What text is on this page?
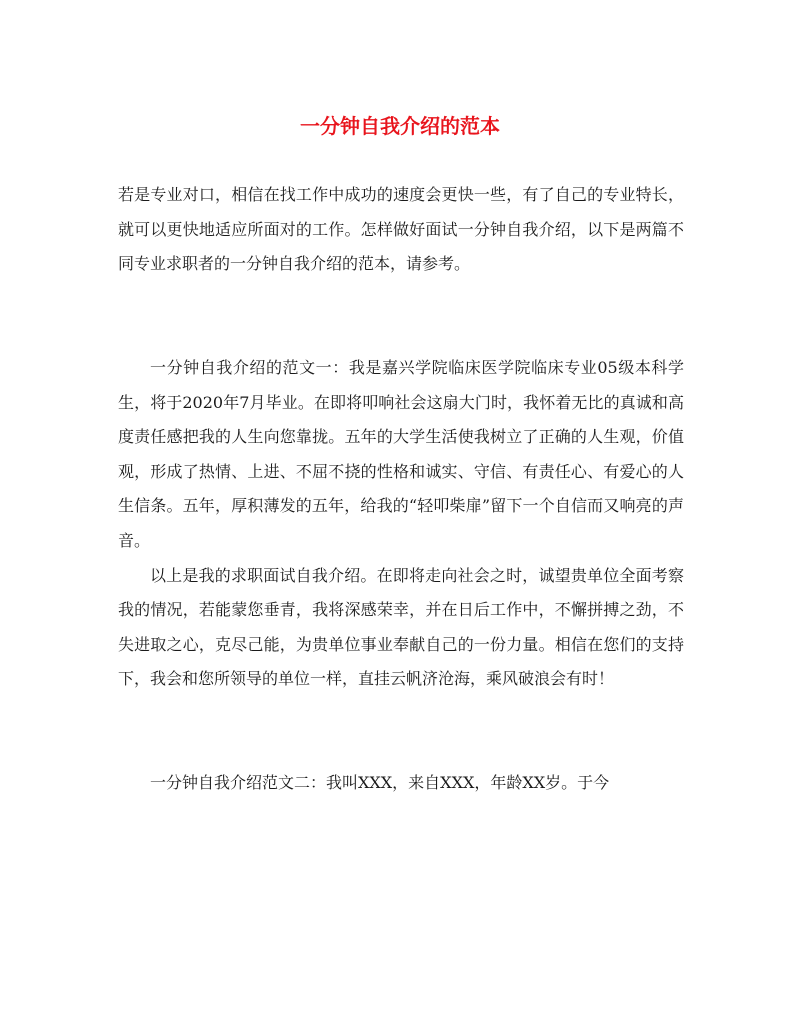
一分钟自我介绍的范本

若是专业对口，相信在找工作中成功的速度会更快一些，有了自己的专业特长，就可以更快地适应所面对的工作。怎样做好面试一分钟自我介绍，以下是两篇不同专业求职者的一分钟自我介绍的范本，请参考。

一分钟自我介绍的范文一：我是嘉兴学院临床医学院临床专业05级本科学生，将于2020年7月毕业。在即将叩响社会这扇大门时，我怀着无比的真诚和高度责任感把我的人生向您靠拢。五年的大学生活使我树立了正确的人生观，价值观，形成了热情、上进、不屈不挠的性格和诚实、守信、有责任心、有爱心的人生信条。五年，厚积薄发的五年，给我的“轻叩柴扉”留下一个自信而又响亮的声音。

以上是我的求职面试自我介绍。在即将走向社会之时，诚望贵单位全面考察我的情况，若能蒙您垂青，我将深感荣幸，并在日后工作中，不懈拼搏之劲，不失进取之心，克尽己能，为贵单位事业奉献自己的一份力量。相信在您们的支持下，我会和您所领导的单位一样，直挂云帆济沧海，乘风破浪会有时！

一分钟自我介绍范文二：我叫XXX，来自XXX，年龄XX岁。于今
